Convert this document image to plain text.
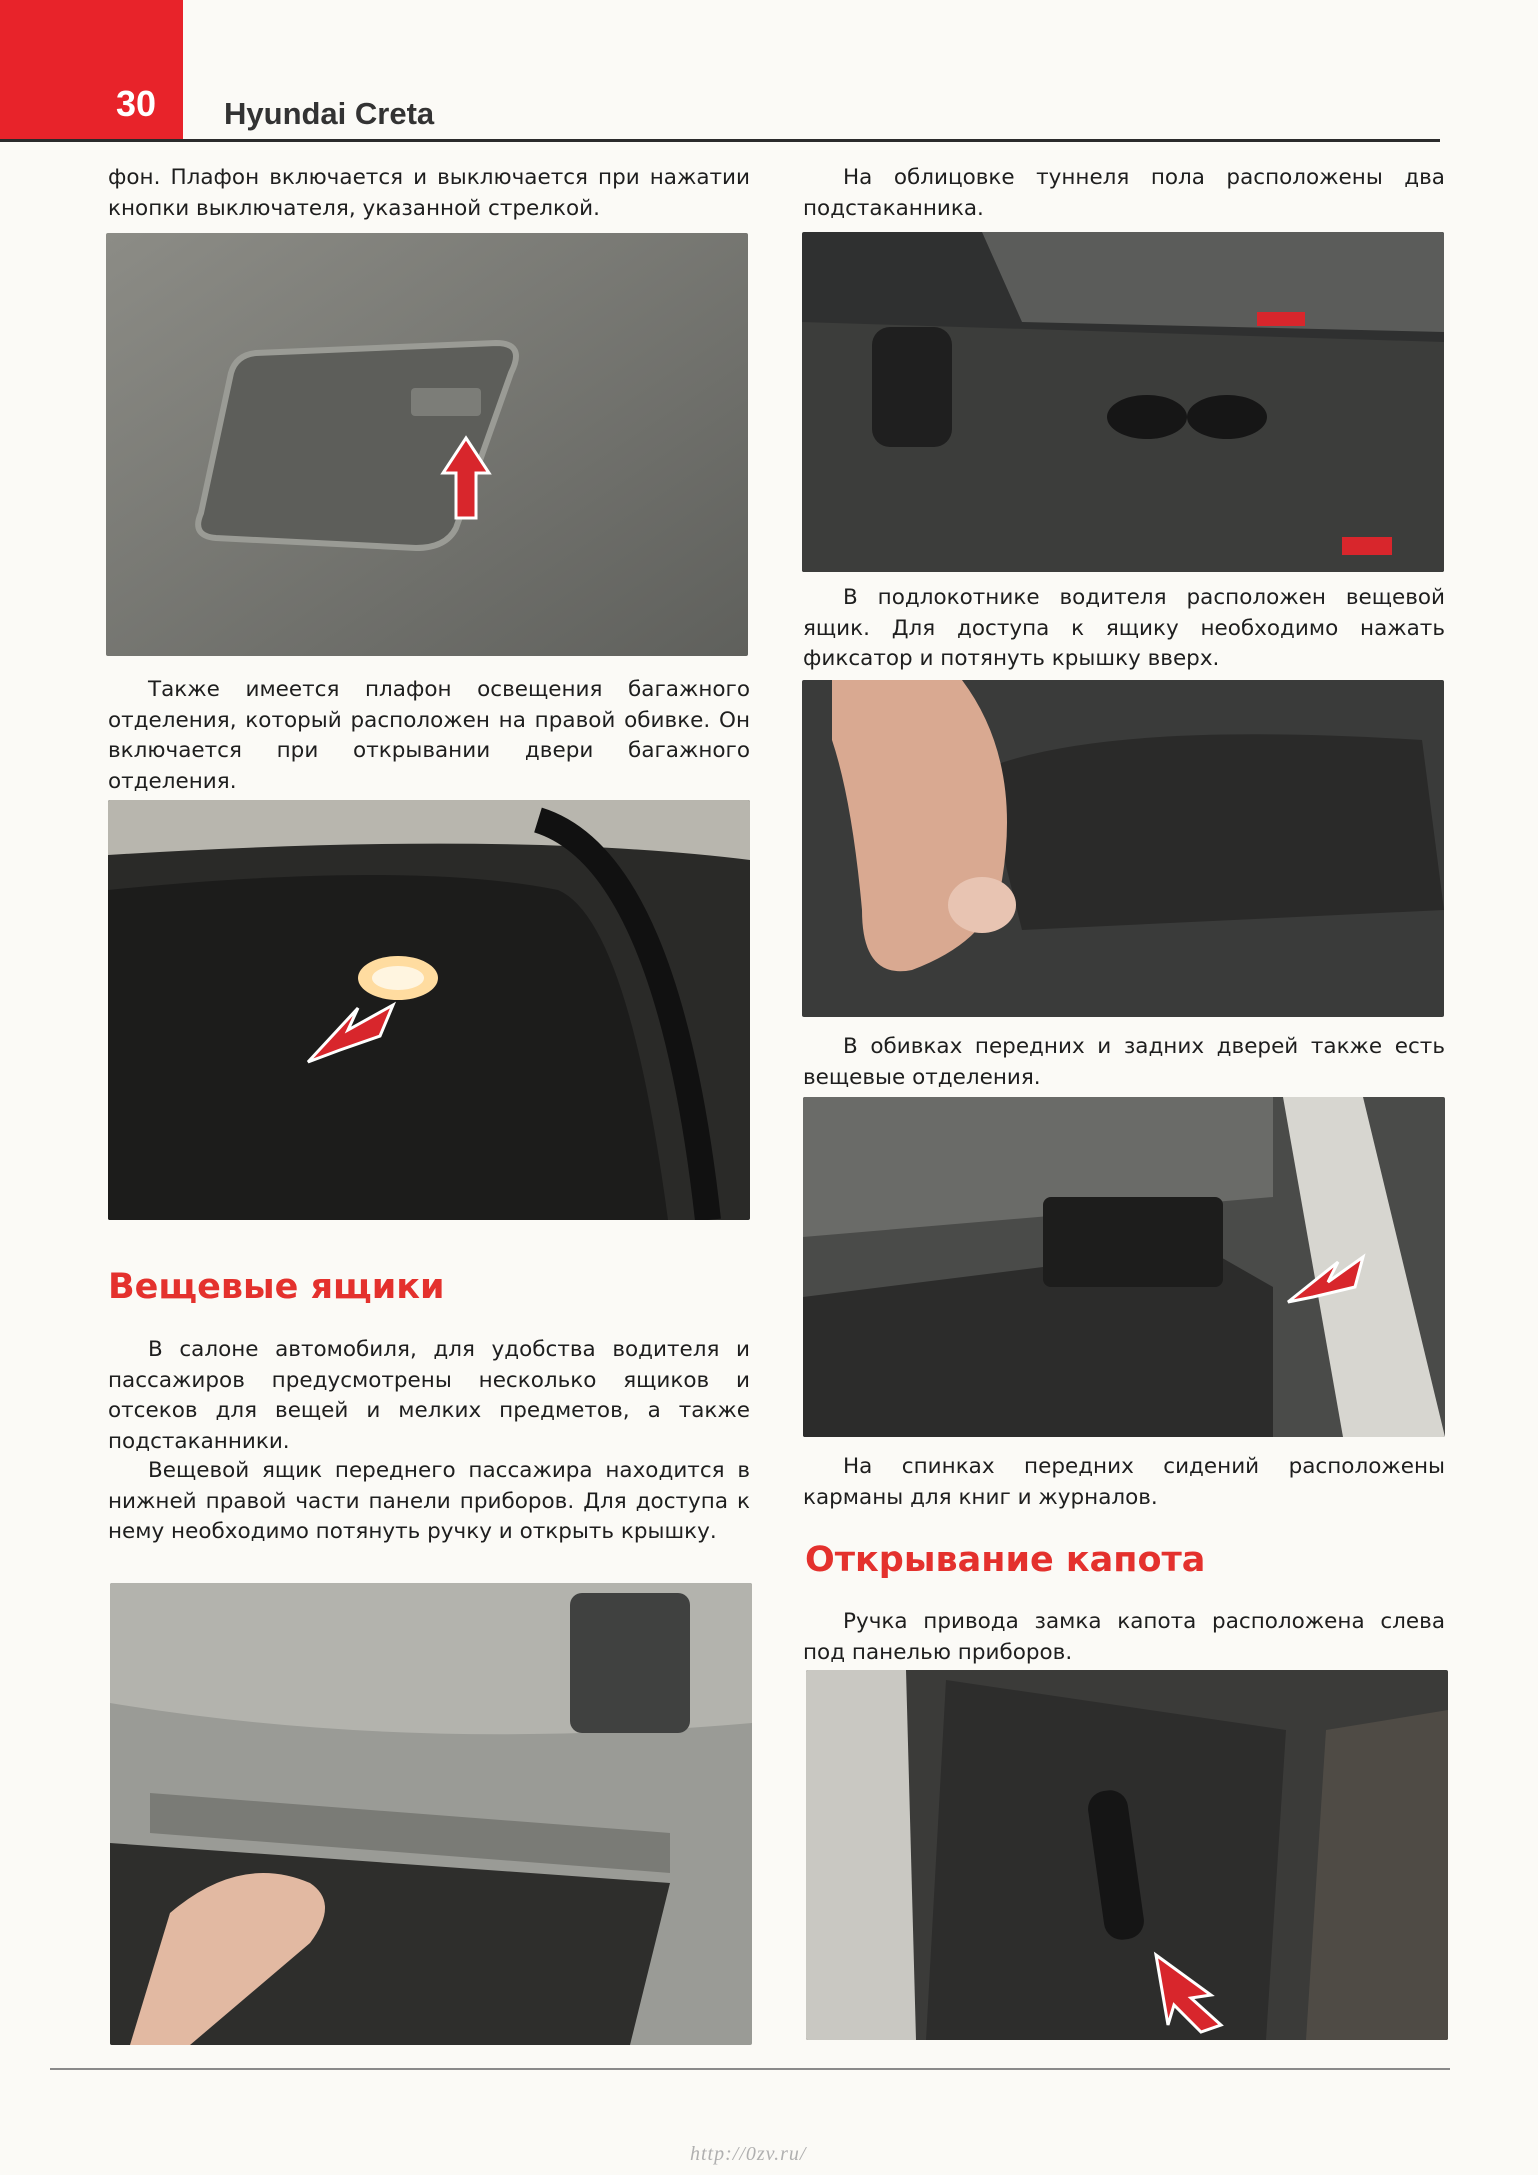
30 Hyundai Creta

фон. Плафон включается и выключается при нажатии кнопки выключателя, указанной стрелкой.

Также имеется плафон освещения багажного отделения, который расположен на правой обивке. Он включается при открывании двери багажного отделения.

Вещевые ящики

В салоне автомобиля, для удобства водителя и пассажиров предусмотрены несколько ящиков и отсеков для вещей и мелких предметов, а также подстаканники.

Вещевой ящик переднего пассажира находится в нижней правой части панели приборов. Для доступа к нему необходимо потянуть ручку и открыть крышку.

На облицовке туннеля пола расположены два подстаканника.

В подлокотнике водителя расположен вещевой ящик. Для доступа к ящику необходимо нажать фиксатор и потянуть крышку вверх.

В обивках передних и задних дверей также есть вещевые отделения.

На спинках передних сидений расположены карманы для книг и журналов.

Открывание капота

Ручка привода замка капота расположена слева под панелью приборов.

http://0zv.ru/
